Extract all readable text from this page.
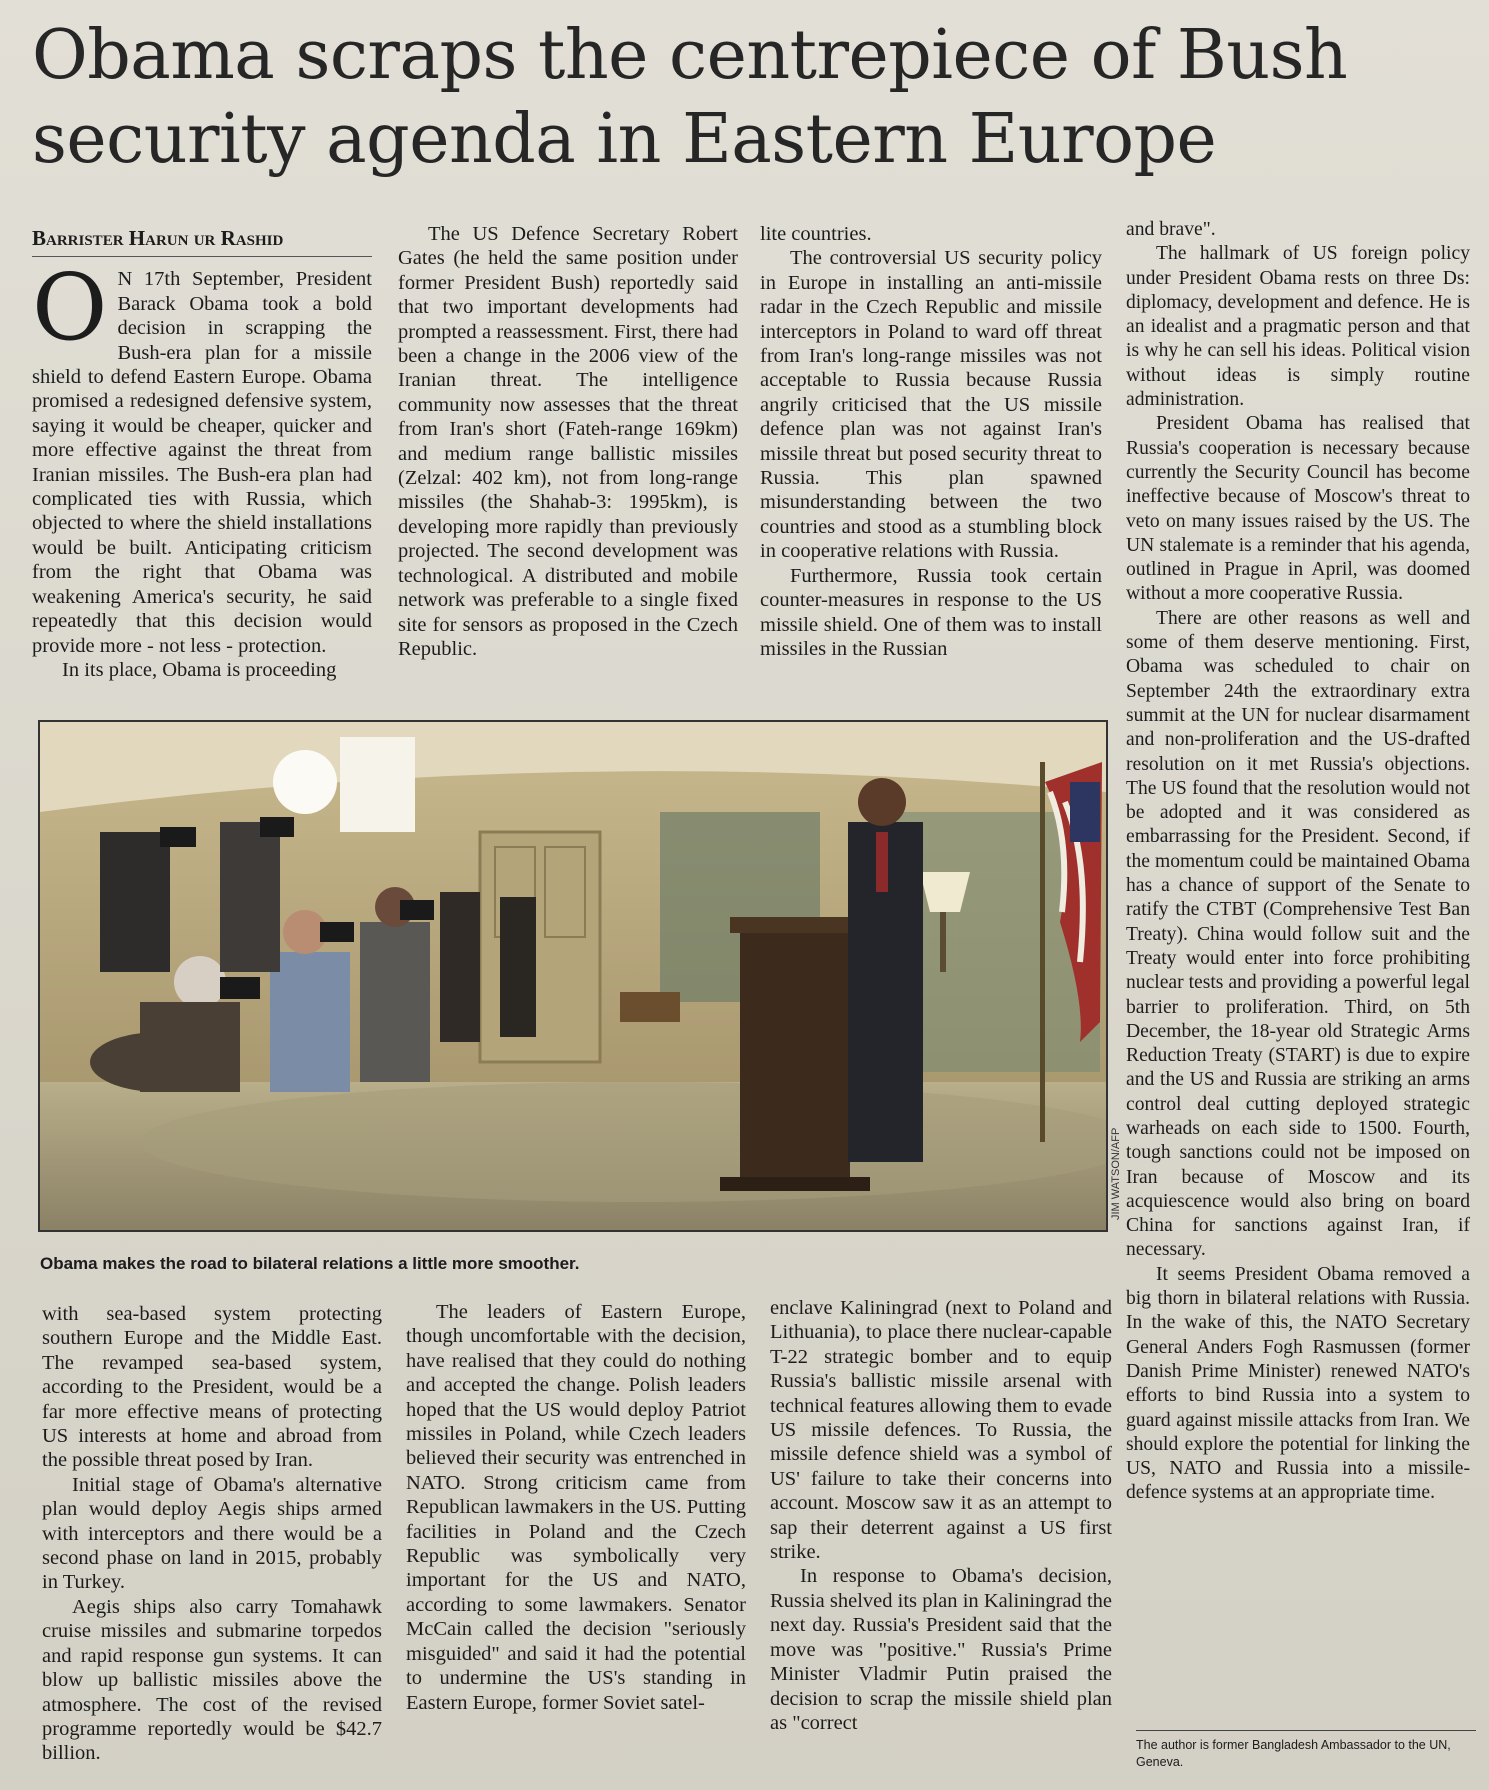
Obama scraps the centrepiece of Bush security agenda in Eastern Europe
Barrister Harun ur Rashid
O N 17th September, President Barack Obama took a bold decision in scrapping the Bush-era plan for a missile shield to defend Eastern Europe. Obama promised a redesigned defensive system, saying it would be cheaper, quicker and more effective against the threat from Iranian missiles. The Bush-era plan had complicated ties with Russia, which objected to where the shield installations would be built. Anticipating criticism from the right that Obama was weakening America's security, he said repeatedly that this decision would provide more - not less - protection.

In its place, Obama is proceeding

The US Defence Secretary Robert Gates (he held the same position under former President Bush) reportedly said that two important developments had prompted a reassessment. First, there had been a change in the 2006 view of the Iranian threat. The intelligence community now assesses that the threat from Iran's short (Fateh-range 169km) and medium range ballistic missiles (Zelzal: 402 km), not from long-range missiles (the Shahab-3: 1995km), is developing more rapidly than previously projected. The second development was technological. A distributed and mobile network was preferable to a single fixed site for sensors as proposed in the Czech Republic.

lite countries.

The controversial US security policy in Europe in installing an anti-missile radar in the Czech Republic and missile interceptors in Poland to ward off threat from Iran's long-range missiles was not acceptable to Russia because Russia angrily criticised that the US missile defence plan was not against Iran's missile threat but posed security threat to Russia. This plan spawned misunderstanding between the two countries and stood as a stumbling block in cooperative relations with Russia.

Furthermore, Russia took certain counter-measures in response to the US missile shield. One of them was to install missiles in the Russian

and brave".

The hallmark of US foreign policy under President Obama rests on three Ds: diplomacy, development and defence. He is an idealist and a pragmatic person and that is why he can sell his ideas. Political vision without ideas is simply routine administration.

President Obama has realised that Russia's cooperation is necessary because currently the Security Council has become ineffective because of Moscow's threat to veto on many issues raised by the US. The UN stalemate is a reminder that his agenda, outlined in Prague in April, was doomed without a more cooperative Russia.

There are other reasons as well and some of them deserve mentioning. First, Obama was scheduled to chair on September 24th the extraordinary extra summit at the UN for nuclear disarmament and non-proliferation and the US-drafted resolution on it met Russia's objections. The US found that the resolution would not be adopted and it was considered as embarrassing for the President. Second, if the momentum could be maintained Obama has a chance of support of the Senate to ratify the CTBT (Comprehensive Test Ban Treaty). China would follow suit and the Treaty would enter into force prohibiting nuclear tests and providing a powerful legal barrier to proliferation. Third, on 5th December, the 18-year old Strategic Arms Reduction Treaty (START) is due to expire and the US and Russia are striking an arms control deal cutting deployed strategic warheads on each side to 1500. Fourth, tough sanctions could not be imposed on Iran because of Moscow and its acquiescence would also bring on board China for sanctions against Iran, if necessary.

It seems President Obama removed a big thorn in bilateral relations with Russia. In the wake of this, the NATO Secretary General Anders Fogh Rasmussen (former Danish Prime Minister) renewed NATO's efforts to bind Russia into a system to guard against missile attacks from Iran. We should explore the potential for linking the US, NATO and Russia into a missile-defence systems at an appropriate time.

JIM WATSON/AFP
Obama makes the road to bilateral relations a little more smoother.

with sea-based system protecting southern Europe and the Middle East. The revamped sea-based system, according to the President, would be a far more effective means of protecting US interests at home and abroad from the possible threat posed by Iran.

Initial stage of Obama's alternative plan would deploy Aegis ships armed with interceptors and there would be a second phase on land in 2015, probably in Turkey.

Aegis ships also carry Tomahawk cruise missiles and submarine torpedos and rapid response gun systems. It can blow up ballistic missiles above the atmosphere. The cost of the revised programme reportedly would be $42.7 billion.

The leaders of Eastern Europe, though uncomfortable with the decision, have realised that they could do nothing and accepted the change. Polish leaders hoped that the US would deploy Patriot missiles in Poland, while Czech leaders believed their security was entrenched in NATO. Strong criticism came from Republican lawmakers in the US. Putting facilities in Poland and the Czech Republic was symbolically very important for the US and NATO, according to some lawmakers. Senator McCain called the decision "seriously misguided" and said it had the potential to undermine the US's standing in Eastern Europe, former Soviet satel-

enclave Kaliningrad (next to Poland and Lithuania), to place there nuclear-capable T-22 strategic bomber and to equip Russia's ballistic missile arsenal with technical features allowing them to evade US missile defences. To Russia, the missile defence shield was a symbol of US' failure to take their concerns into account. Moscow saw it as an attempt to sap their deterrent against a US first strike.

In response to Obama's decision, Russia shelved its plan in Kaliningrad the next day. Russia's President said that the move was "positive." Russia's Prime Minister Vladmir Putin praised the decision to scrap the missile shield plan as "correct

The author is former Bangladesh Ambassador to the UN, Geneva.
